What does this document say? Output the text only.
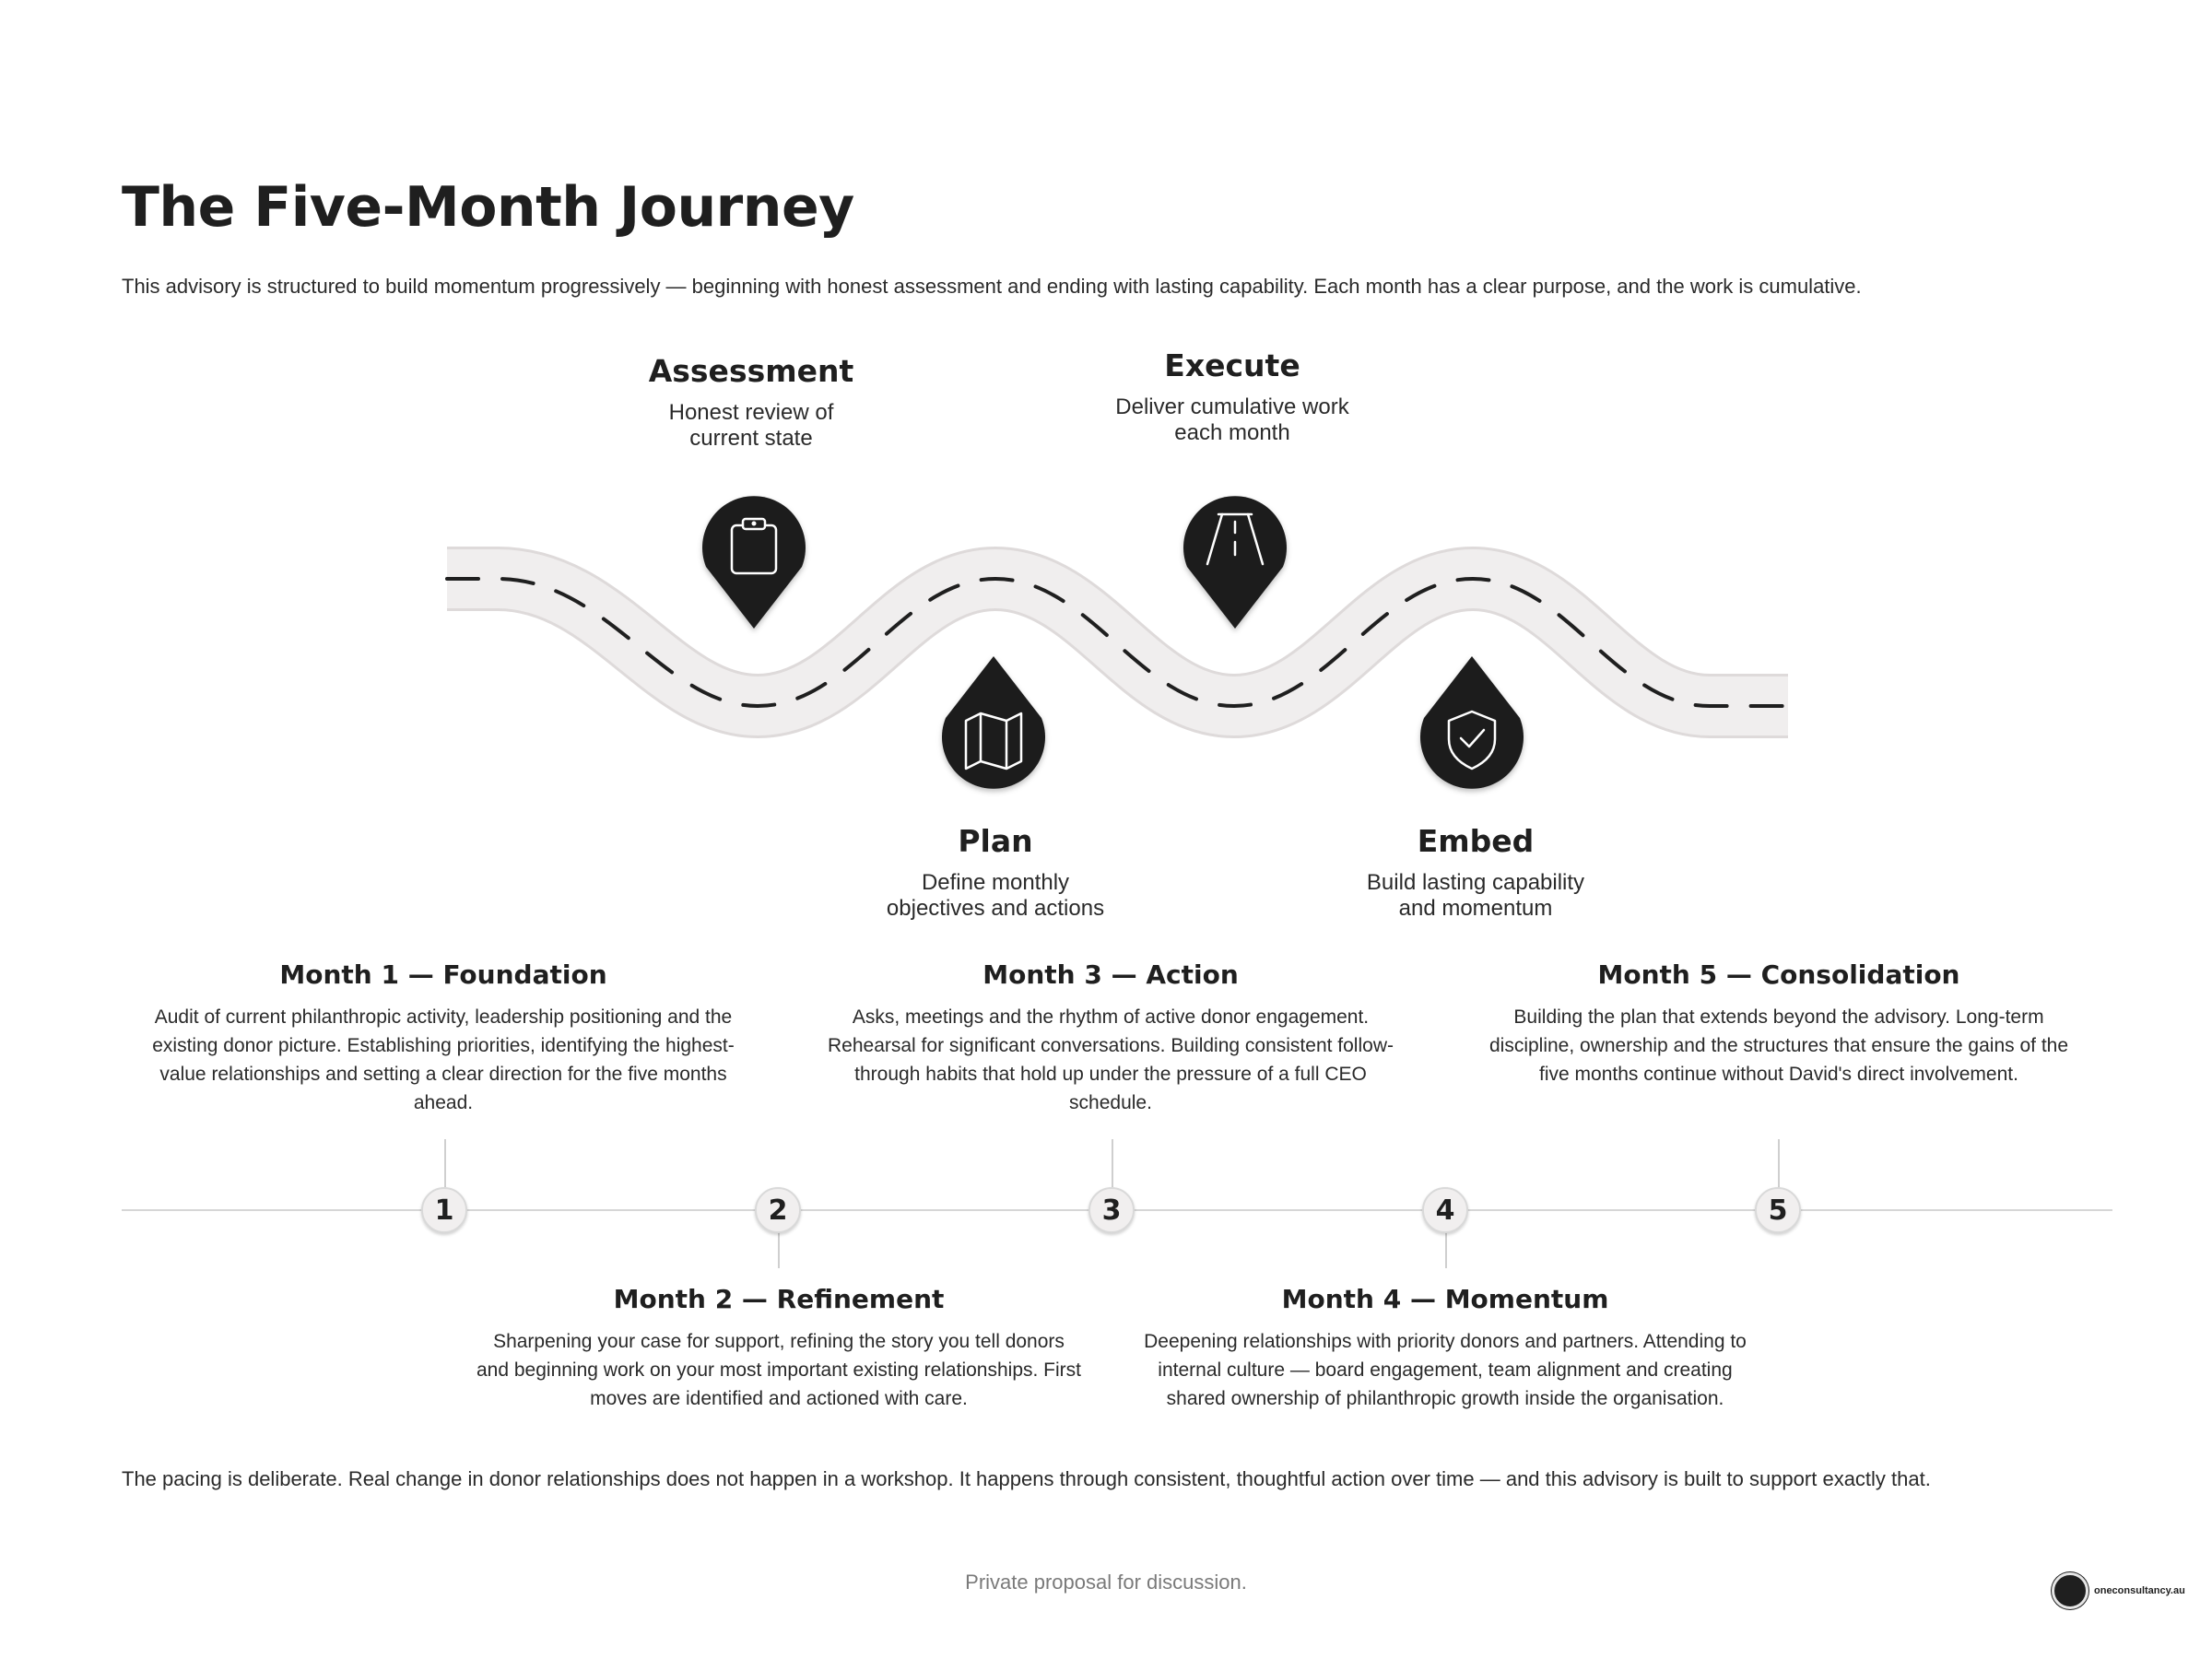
The Five-Month Journey
This advisory is structured to build momentum progressively — beginning with honest assessment and ending with lasting capability. Each month has a clear purpose, and the work is cumulative.
Assessment
Honest review of
current state
Execute
Deliver cumulative work
each month
Plan
Define monthly
objectives and actions
Embed
Build lasting capability
and momentum
Month 1 — Foundation
Audit of current philanthropic activity, leadership positioning and the existing donor picture. Establishing priorities, identifying the highest-value relationships and setting a clear direction for the five months ahead.
Month 3 — Action
Asks, meetings and the rhythm of active donor engagement. Rehearsal for significant conversations. Building consistent follow-through habits that hold up under the pressure of a full CEO schedule.
Month 5 — Consolidation
Building the plan that extends beyond the advisory. Long-term discipline, ownership and the structures that ensure the gains of the five months continue without David's direct involvement.
1	2	3	4	5
Month 2 — Refinement
Sharpening your case for support, refining the story you tell donors and beginning work on your most important existing relationships. First moves are identified and actioned with care.
Month 4 — Momentum
Deepening relationships with priority donors and partners. Attending to internal culture — board engagement, team alignment and creating shared ownership of philanthropic growth inside the organisation.
The pacing is deliberate. Real change in donor relationships does not happen in a workshop. It happens through consistent, thoughtful action over time — and this advisory is built to support exactly that.
Private proposal for discussion.	oneconsultancy.au
